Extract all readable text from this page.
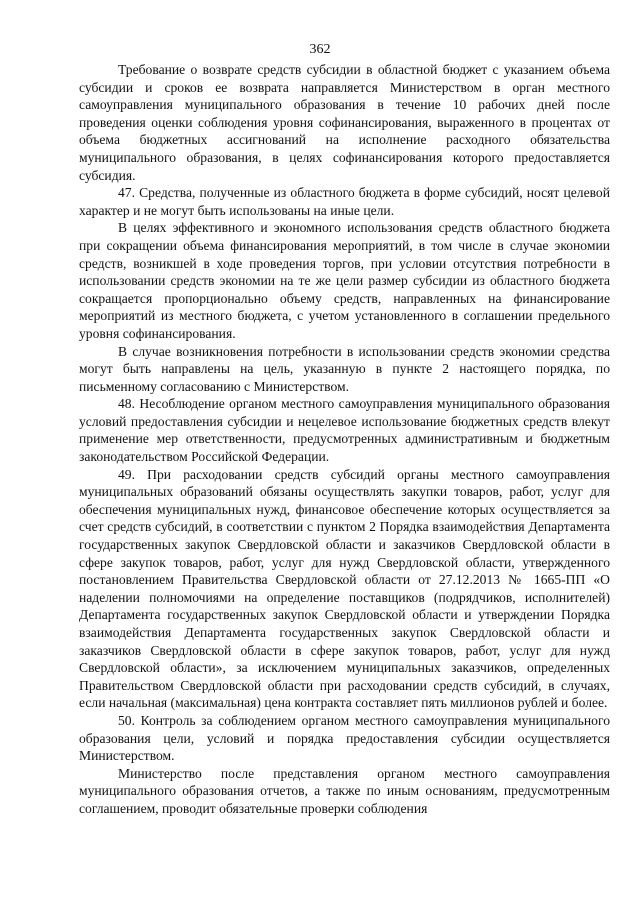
362

Требование о возврате средств субсидии в областной бюджет с указанием объема субсидии и сроков ее возврата направляется Министерством в орган местного самоуправления муниципального образования в течение 10 рабочих дней после проведения оценки соблюдения уровня софинансирования, выраженного в процентах от объема бюджетных ассигнований на исполнение расходного обязательства муниципального образования, в целях софинансирования которого предоставляется субсидия.

47. Средства, полученные из областного бюджета в форме субсидий, носят целевой характер и не могут быть использованы на иные цели.

В целях эффективного и экономного использования средств областного бюджета при сокращении объема финансирования мероприятий, в том числе в случае экономии средств, возникшей в ходе проведения торгов, при условии отсутствия потребности в использовании средств экономии на те же цели размер субсидии из областного бюджета сокращается пропорционально объему средств, направленных на финансирование мероприятий из местного бюджета, с учетом установленного в соглашении предельного уровня софинансирования.

В случае возникновения потребности в использовании средств экономии средства могут быть направлены на цель, указанную в пункте 2 настоящего порядка, по письменному согласованию с Министерством.

48. Несоблюдение органом местного самоуправления муниципального образования условий предоставления субсидии и нецелевое использование бюджетных средств влекут применение мер ответственности, предусмотренных административным и бюджетным законодательством Российской Федерации.

49. При расходовании средств субсидий органы местного самоуправления муниципальных образований обязаны осуществлять закупки товаров, работ, услуг для обеспечения муниципальных нужд, финансовое обеспечение которых осуществляется за счет средств субсидий, в соответствии с пунктом 2 Порядка взаимодействия Департамента государственных закупок Свердловской области и заказчиков Свердловской области в сфере закупок товаров, работ, услуг для нужд Свердловской области, утвержденного постановлением Правительства Свердловской области от 27.12.2013 № 1665-ПП «О наделении полномочиями на определение поставщиков (подрядчиков, исполнителей) Департамента государственных закупок Свердловской области и утверждении Порядка взаимодействия Департамента государственных закупок Свердловской области и заказчиков Свердловской области в сфере закупок товаров, работ, услуг для нужд Свердловской области», за исключением муниципальных заказчиков, определенных Правительством Свердловской области при расходовании средств субсидий, в случаях, если начальная (максимальная) цена контракта составляет пять миллионов рублей и более.

50. Контроль за соблюдением органом местного самоуправления муниципального образования цели, условий и порядка предоставления субсидии осуществляется Министерством.

Министерство после представления органом местного самоуправления муниципального образования отчетов, а также по иным основаниям, предусмотренным соглашением, проводит обязательные проверки соблюдения
